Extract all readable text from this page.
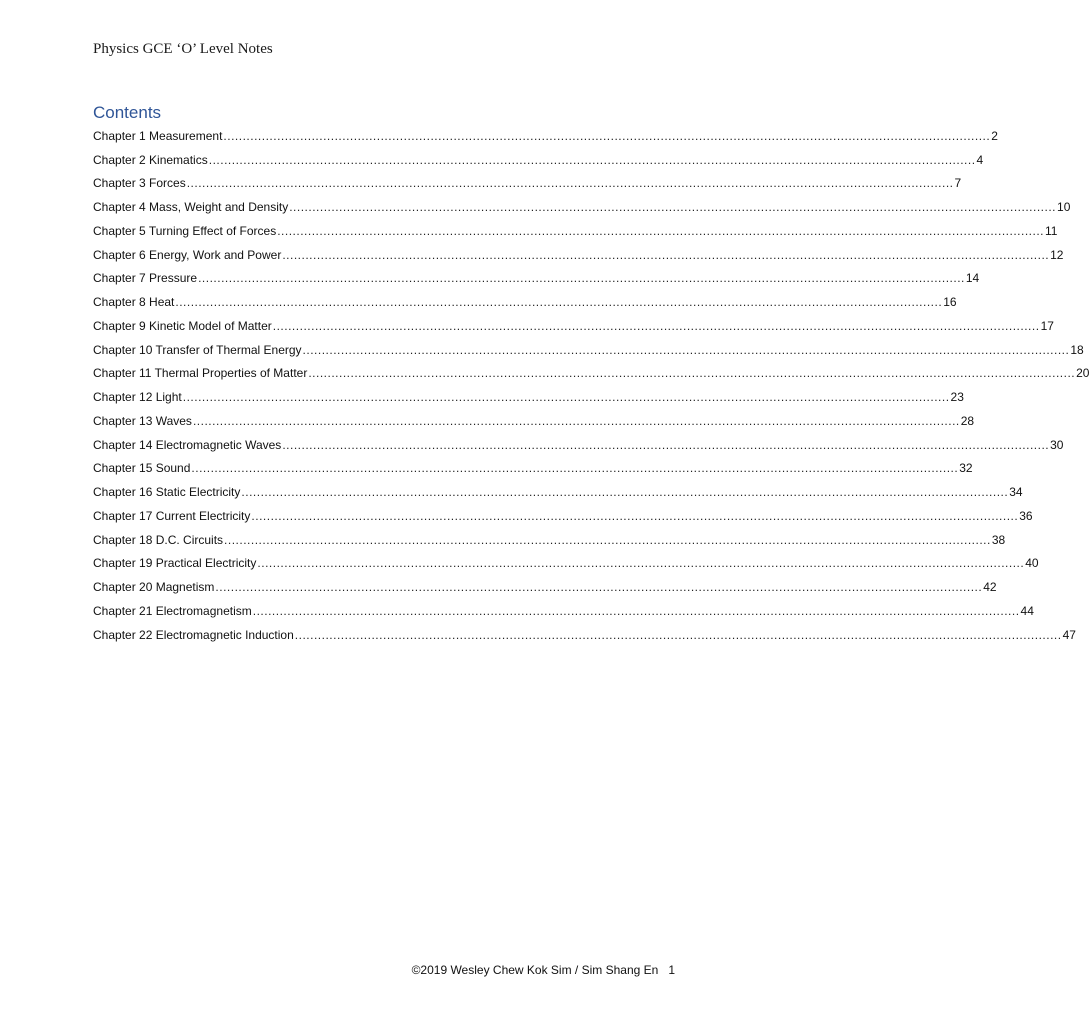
Physics GCE ‘O’ Level Notes
Contents
Chapter 1 Measurement ........................................................................................................................................................................................................ 2
Chapter 2 Kinematics ........................................................................................................................................................................................................ 4
Chapter 3 Forces ........................................................................................................................................................................................................ 7
Chapter 4 Mass, Weight and Density ........................................................................................................................................................................................................ 10
Chapter 5 Turning Effect of Forces ........................................................................................................................................................................................................ 11
Chapter 6 Energy, Work and Power ........................................................................................................................................................................................................ 12
Chapter 7 Pressure ........................................................................................................................................................................................................ 14
Chapter 8 Heat ........................................................................................................................................................................................................ 16
Chapter 9 Kinetic Model of Matter ........................................................................................................................................................................................................ 17
Chapter 10 Transfer of Thermal Energy ........................................................................................................................................................................................................ 18
Chapter 11 Thermal Properties of Matter ........................................................................................................................................................................................................ 20
Chapter 12 Light ........................................................................................................................................................................................................ 23
Chapter 13 Waves ........................................................................................................................................................................................................ 28
Chapter 14 Electromagnetic Waves ........................................................................................................................................................................................................ 30
Chapter 15 Sound ........................................................................................................................................................................................................ 32
Chapter 16 Static Electricity ........................................................................................................................................................................................................ 34
Chapter 17 Current Electricity ........................................................................................................................................................................................................ 36
Chapter 18 D.C. Circuits ........................................................................................................................................................................................................ 38
Chapter 19 Practical Electricity ........................................................................................................................................................................................................ 40
Chapter 20 Magnetism ........................................................................................................................................................................................................ 42
Chapter 21 Electromagnetism ........................................................................................................................................................................................................ 44
Chapter 22 Electromagnetic Induction ........................................................................................................................................................................................................ 47
©2019 Wesley Chew Kok Sim / Sim Shang En 1
